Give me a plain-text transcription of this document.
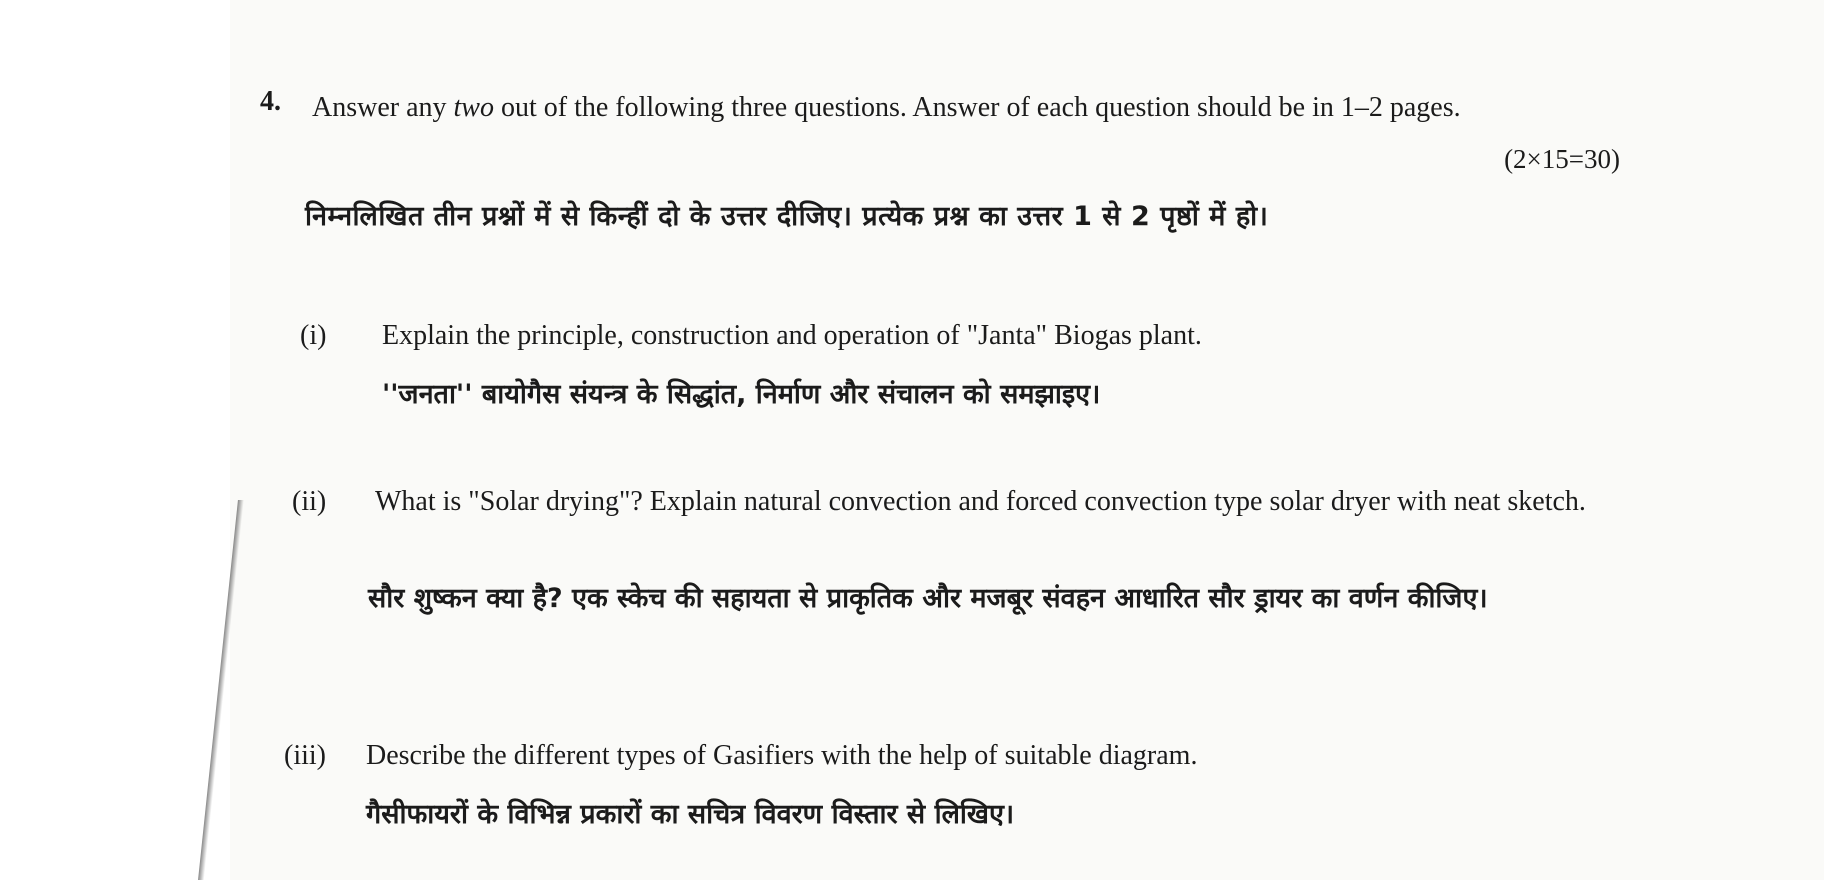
4. Answer any two out of the following three questions. Answer of each question should be in 1–2 pages.
(2×15=30)
निम्नलिखित तीन प्रश्नों में से किन्हीं दो के उत्तर दीजिए। प्रत्येक प्रश्न का उत्तर 1 से 2 पृष्ठों में हो।
(i) Explain the principle, construction and operation of "Janta" Biogas plant.
''जनता'' बायोगैस संयन्त्र के सिद्धांत, निर्माण और संचालन को समझाइए।
(ii) What is "Solar drying"? Explain natural convection and forced convection type solar dryer with neat sketch.
सौर शुष्कन क्या है? एक स्केच की सहायता से प्राकृतिक और मजबूर संवहन आधारित सौर ड्रायर का वर्णन कीजिए।
(iii) Describe the different types of Gasifiers with the help of suitable diagram.
गैसीफायरों के विभिन्न प्रकारों का सचित्र विवरण विस्तार से लिखिए।
